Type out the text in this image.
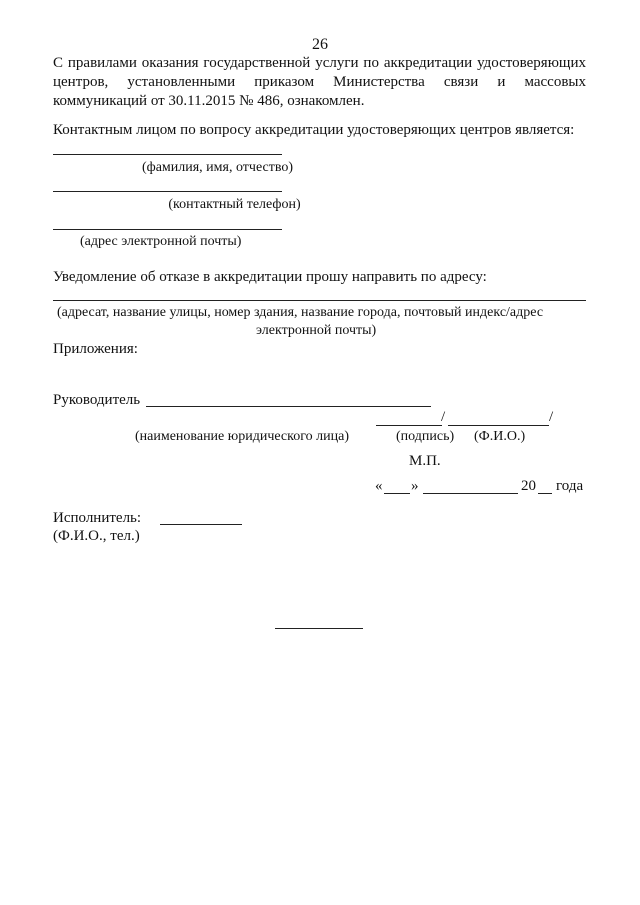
26
С правилами оказания государственной услуги по аккредитации удостоверяющих
центров, установленными приказом Министерства связи и массовых
коммуникаций от 30.11.2015 № 486, ознакомлен.
Контактным лицом по вопросу аккредитации удостоверяющих центров является:
(фамилия, имя, отчество)
(контактный телефон)
(адрес электронной почты)
Уведомление об отказе в аккредитации прошу направить по адресу:
(адресат, название улицы, номер здания, название города, почтовый индекс/адрес
электронной почты)
Приложения:
Руководитель
/	/
(наименование юридического лица)	(подпись) (Ф.И.О.)
М.П.
« »	20 года
Исполнитель:
(Ф.И.О., тел.)
